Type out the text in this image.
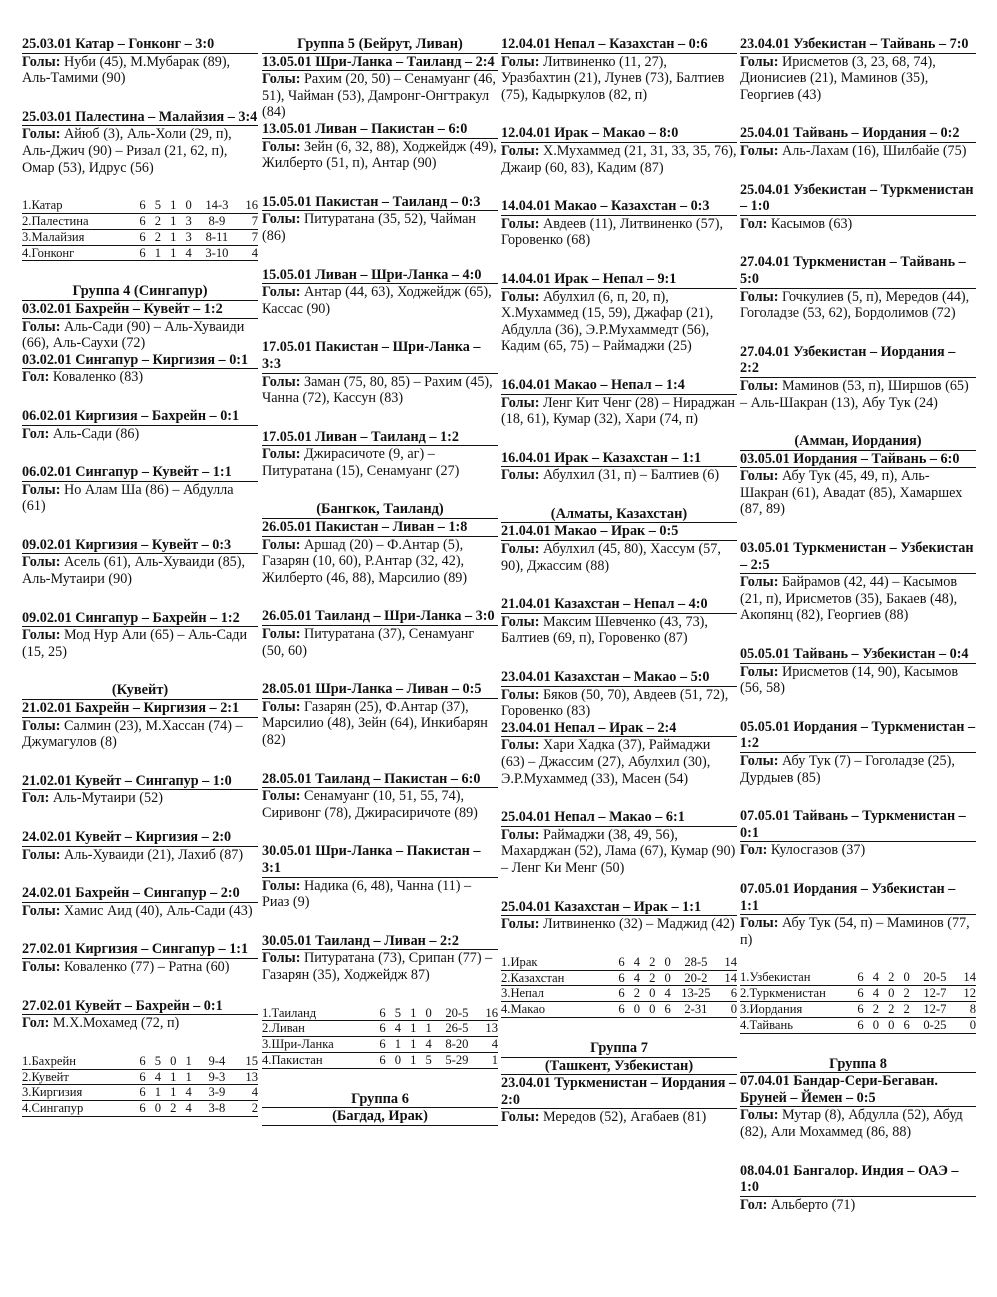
25.03.01 Катар – Гонконг – 3:0
Голы: Нуби (45), М.Мубарак (89), Аль-Тамими (90)
25.03.01 Палестина – Малайзия – 3:4
Голы: Айюб (3), Аль-Холи (29, п), Аль-Джич (90) – Ризал (21, 62, п), Омар (53), Идрус (56)
1.Катар	6	5	1	0	14-3	16
2.Палестина	6	2	1	3	8-9	7
3.Малайзия	6	2	1	3	8-11	7
4.Гонконг	6	1	1	4	3-10	4
Группа 4 (Сингапур)
03.02.01 Бахрейн – Кувейт – 1:2
Голы: Аль-Сади (90) – Аль-Хуваиди (66), Аль-Саухи (72)
03.02.01 Сингапур – Киргизия – 0:1
Гол: Коваленко (83)
06.02.01 Киргизия – Бахрейн – 0:1
Гол: Аль-Сади (86)
06.02.01 Сингапур – Кувейт – 1:1
Голы: Но Алам Ша (86) – Абдулла (61)
09.02.01 Киргизия – Кувейт – 0:3
Голы: Асель (61), Аль-Хуваиди (85), Аль-Мутаири (90)
09.02.01 Сингапур – Бахрейн – 1:2
Голы: Мод Нур Али (65) – Аль-Сади (15, 25)
(Кувейт)
21.02.01 Бахрейн – Киргизия – 2:1
Голы: Салмин (23), М.Хассан (74) – Джумагулов (8)
21.02.01 Кувейт – Сингапур – 1:0
Гол: Аль-Мутаири (52)
24.02.01 Кувейт – Киргизия – 2:0
Голы: Аль-Хуваиди (21), Лахиб (87)
24.02.01 Бахрейн – Сингапур – 2:0
Голы: Хамис Аид (40), Аль-Сади (43)
27.02.01 Киргизия – Сингапур – 1:1
Голы: Коваленко (77) – Ратна (60)
27.02.01 Кувейт – Бахрейн – 0:1
Гол: М.Х.Мохамед (72, п)
1.Бахрейн	6	5	0	1	9-4	15
2.Кувейт	6	4	1	1	9-3	13
3.Киргизия	6	1	1	4	3-9	4
4.Сингапур	6	0	2	4	3-8	2
Группа 5 (Бейрут, Ливан)
13.05.01 Шри-Ланка – Таиланд – 2:4
Голы: Рахим (20, 50) – Сенамуанг (46, 51), Чайман (53), Дамронг-Онгтракул (84)
13.05.01 Ливан – Пакистан – 6:0
Голы: Зейн (6, 32, 88), Ходжейдж (49), Жилберто (51, п), Антар (90)
15.05.01 Пакистан – Таиланд – 0:3
Голы: Питуратана (35, 52), Чайман (86)
15.05.01 Ливан – Шри-Ланка – 4:0
Голы: Антар (44, 63), Ходжейдж (65), Кассас (90)
17.05.01 Пакистан – Шри-Ланка – 3:3
Голы: Заман (75, 80, 85) – Рахим (45), Чанна (72), Кассун (83)
17.05.01 Ливан – Таиланд – 1:2
Голы: Джирасичоте (9, аг) – Питуратана (15), Сенамуанг (27)
(Бангкок, Таиланд)
26.05.01 Пакистан – Ливан – 1:8
Голы: Аршад (20) – Ф.Антар (5), Газарян (10, 60), Р.Антар (32, 42), Жилберто (46, 88), Марсилио (89)
26.05.01 Таиланд – Шри-Ланка – 3:0
Голы: Питуратана (37), Сенамуанг (50, 60)
28.05.01 Шри-Ланка – Ливан – 0:5
Голы: Газарян (25), Ф.Антар (37), Марсилио (48), Зейн (64), Инкибарян (82)
28.05.01 Таиланд – Пакистан – 6:0
Голы: Сенамуанг (10, 51, 55, 74), Сиривонг (78), Джирасиричоте (89)
30.05.01 Шри-Ланка – Пакистан – 3:1
Голы: Надика (6, 48), Чанна (11) – Риаз (9)
30.05.01 Таиланд – Ливан – 2:2
Голы: Питуратана (73), Срипан (77) – Газарян (35), Ходжейдж 87)
1.Таиланд	6	5	1	0	20-5	16
2.Ливан	6	4	1	1	26-5	13
3.Шри-Ланка	6	1	1	4	8-20	4
4.Пакистан	6	0	1	5	5-29	1
Группа 6
(Багдад, Ирак)
12.04.01 Непал – Казахстан – 0:6
Голы: Литвиненко (11, 27), Уразбахтин (21), Лунев (73), Балтиев (75), Кадыркулов (82, п)
12.04.01 Ирак – Макао – 8:0
Голы: Х.Мухаммед (21, 31, 33, 35, 76), Джаир (60, 83), Кадим (87)
14.04.01 Макао – Казахстан – 0:3
Голы: Авдеев (11), Литвиненко (57), Горовенко (68)
14.04.01 Ирак – Непал – 9:1
Голы: Абулхил (6, п, 20, п), Х.Мухаммед (15, 59), Джафар (21), Абдулла (36), Э.Р.Мухаммедт (56), Кадим (65, 75) – Раймаджи (25)
16.04.01 Макао – Непал – 1:4
Голы: Ленг Кит Ченг (28) – Нираджан (18, 61), Кумар (32), Хари (74, п)
16.04.01 Ирак – Казахстан – 1:1
Голы: Абулхил (31, п) – Балтиев (6)
(Алматы, Казахстан)
21.04.01 Макао – Ирак – 0:5
Голы: Абулхил (45, 80), Хассум (57, 90), Джассим (88)
21.04.01 Казахстан – Непал – 4:0
Голы: Максим Шевченко (43, 73), Балтиев (69, п), Горовенко (87)
23.04.01 Казахстан – Макао – 5:0
Голы: Бяков (50, 70), Авдеев (51, 72), Горовенко (83)
23.04.01 Непал – Ирак – 2:4
Голы: Хари Хадка (37), Раймаджи (63) – Джассим (27), Абулхил (30), Э.Р.Мухаммед (33), Масен (54)
25.04.01 Непал – Макао – 6:1
Голы: Раймаджи (38, 49, 56), Махарджан (52), Лама (67), Кумар (90) – Ленг Ки Менг (50)
25.04.01 Казахстан – Ирак – 1:1
Голы: Литвиненко (32) – Маджид (42)
1.Ирак	6	4	2	0	28-5	14
2.Казахстан	6	4	2	0	20-2	14
3.Непал	6	2	0	4	13-25	6
4.Макао	6	0	0	6	2-31	0
Группа 7
(Ташкент, Узбекистан)
23.04.01 Туркменистан – Иордания – 2:0
Голы: Мередов (52), Агабаев (81)
23.04.01 Узбекистан – Тайвань – 7:0
Голы: Ирисметов (3, 23, 68, 74), Дионисиев (21), Маминов (35), Георгиев (43)
25.04.01 Тайвань – Иордания – 0:2
Голы: Аль-Лахам (16), Шилбайе (75)
25.04.01 Узбекистан – Туркменистан – 1:0
Гол: Касымов (63)
27.04.01 Туркменистан – Тайвань – 5:0
Голы: Гочкулиев (5, п), Мередов (44), Гоголадзе (53, 62), Бордолимов (72)
27.04.01 Узбекистан – Иордания – 2:2
Голы: Маминов (53, п), Ширшов (65) – Аль-Шакран (13), Абу Тук (24)
(Амман, Иордания)
03.05.01 Иордания – Тайвань – 6:0
Голы: Абу Тук (45, 49, п), Аль-Шакран (61), Авадат (85), Хамаршех (87, 89)
03.05.01 Туркменистан – Узбекистан – 2:5
Голы: Байрамов (42, 44) – Касымов (21, п), Ирисметов (35), Бакаев (48), Акопянц (82), Георгиев (88)
05.05.01 Тайвань – Узбекистан – 0:4
Голы: Ирисметов (14, 90), Касымов (56, 58)
05.05.01 Иордания – Туркменистан – 1:2
Голы: Абу Тук (7) – Гоголадзе (25), Дурдыев (85)
07.05.01 Тайвань – Туркменистан – 0:1
Гол: Кулосгазов (37)
07.05.01 Иордания – Узбекистан – 1:1
Голы: Абу Тук (54, п) – Маминов (77, п)
1.Узбекистан	6	4	2	0	20-5	14
2.Туркменистан	6	4	0	2	12-7	12
3.Иордания	6	2	2	2	12-7	8
4.Тайвань	6	0	0	6	0-25	0
Группа 8
07.04.01 Бандар-Сери-Бегаван. Бруней – Йемен – 0:5
Голы: Мутар (8), Абдулла (52), Абуд (82), Али Мохаммед (86, 88)
08.04.01 Бангалор. Индия – ОАЭ – 1:0
Гол: Альберто (71)
